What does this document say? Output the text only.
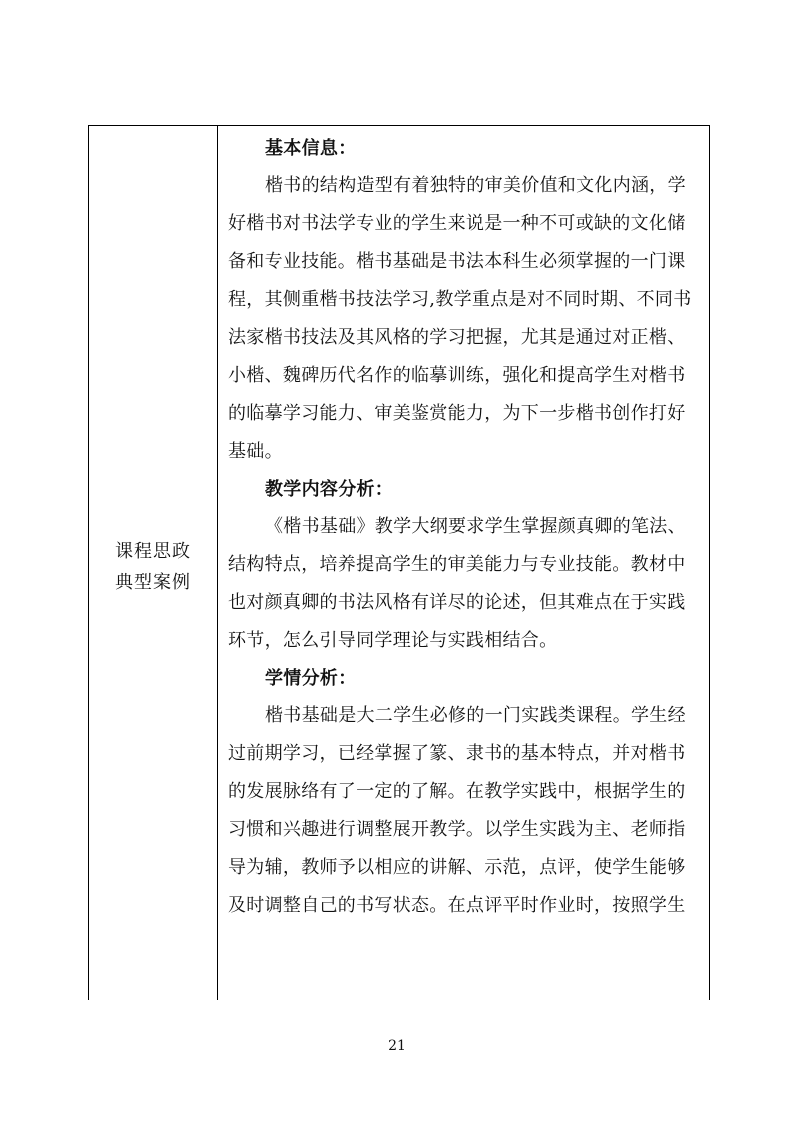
课程思政
典型案例
基本信息：
楷书的结构造型有着独特的审美价值和文化内涵，学
好楷书对书法学专业的学生来说是一种不可或缺的文化储
备和专业技能。楷书基础是书法本科生必须掌握的一门课
程，其侧重楷书技法学习,教学重点是对不同时期、不同书
法家楷书技法及其风格的学习把握，尤其是通过对正楷、
小楷、魏碑历代名作的临摹训练，强化和提高学生对楷书
的临摹学习能力、审美鉴赏能力，为下一步楷书创作打好
基础。
教学内容分析：
《楷书基础》教学大纲要求学生掌握颜真卿的笔法、
结构特点，培养提高学生的审美能力与专业技能。教材中
也对颜真卿的书法风格有详尽的论述，但其难点在于实践
环节，怎么引导同学理论与实践相结合。
学情分析：
楷书基础是大二学生必修的一门实践类课程。学生经
过前期学习，已经掌握了篆、隶书的基本特点，并对楷书
的发展脉络有了一定的了解。在教学实践中，根据学生的
习惯和兴趣进行调整展开教学。以学生实践为主、老师指
导为辅，教师予以相应的讲解、示范，点评，使学生能够
及时调整自己的书写状态。在点评平时作业时，按照学生
21
